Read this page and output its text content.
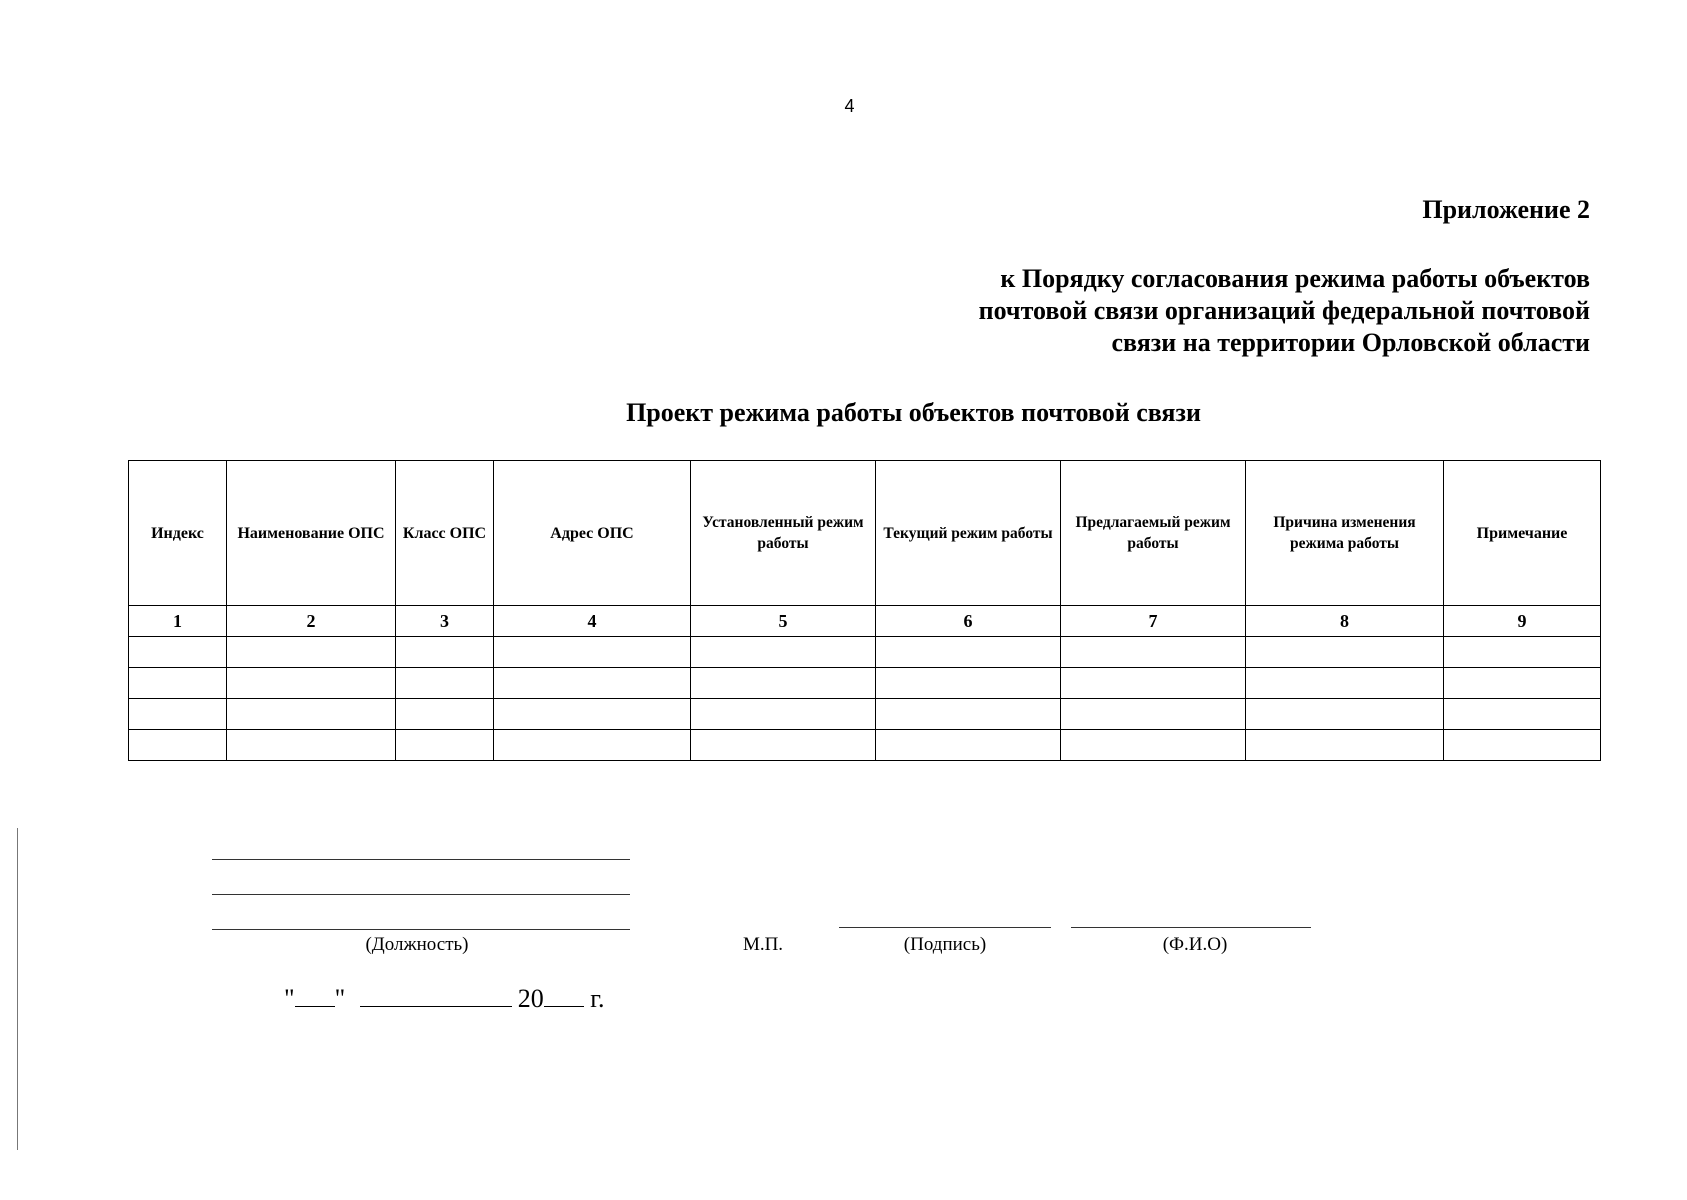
4
Приложение 2
к Порядку согласования режима работы объектов
почтовой связи организаций федеральной почтовой
связи на территории Орловской области
Проект режима работы объектов почтовой связи
Индекс	Наименование ОПС	Класс ОПС	Адрес ОПС	Установленный режим работы	Текущий режим работы	Предлагаемый режим работы	Причина изменения режима работы	Примечание
1	2	3	4	5	6	7	8	9

(Должность)	М.П.	(Подпись)	(Ф.И.О)
" "	20 г.
